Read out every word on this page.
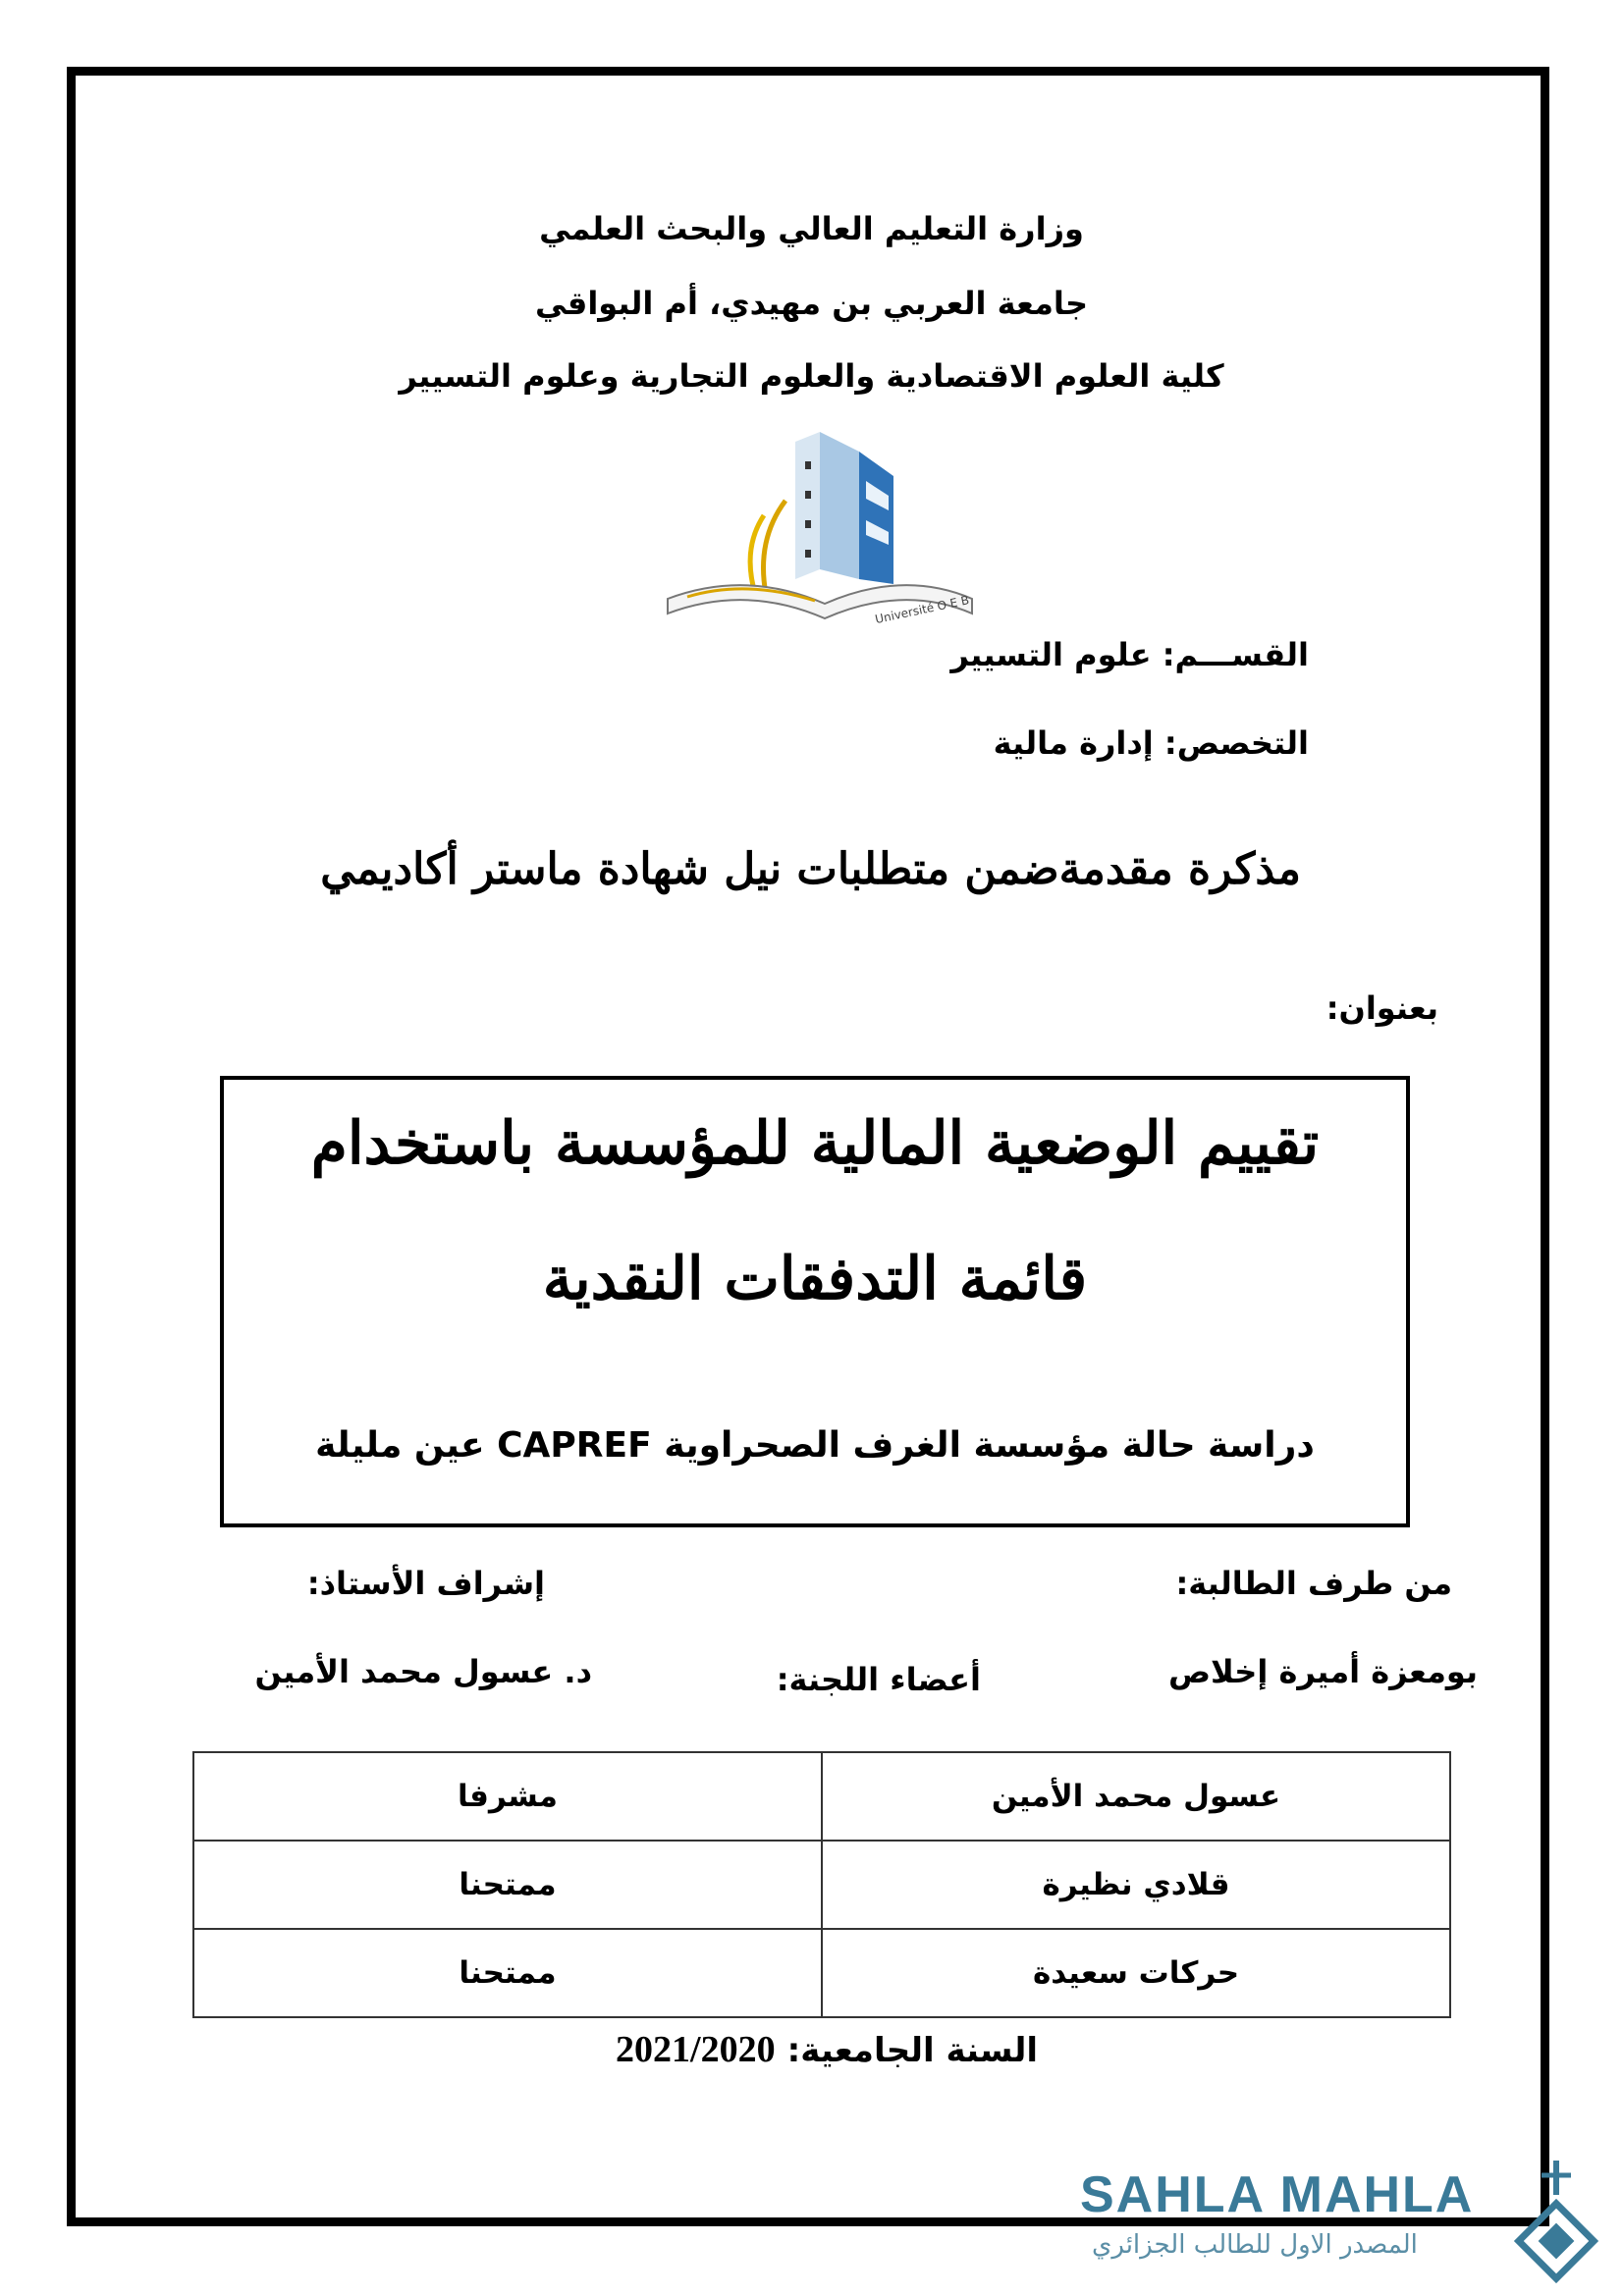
وزارة التعليم العالي والبحث العلمي
جامعة العربي بن مهيدي، أم البواقي
كلية العلوم الاقتصادية والعلوم التجارية وعلوم التسيير
Université O E B
القســـم: علوم التسيير
التخصص: إدارة مالية
مذكرة مقدمةضمن متطلبات نيل شهادة ماستر أكاديمي
بعنوان:
تقييم الوضعية المالية للمؤسسة باستخدام
قائمة التدفقات النقدية
دراسة حالة مؤسسة الغرف الصحراوية CAPREF عين مليلة
من طرف الطالبة:
إشراف الأستاذ:
بومعزة أميرة إخلاص
أعضاء اللجنة:
د. عسول محمد الأمين
عسول محمد الأمين	مشرفا
قلادي نظيرة	ممتحنا
حركات سعيدة	ممتحنا
السنة الجامعية:
2021/2020
SAHLA MAHLA
المصدر الاول للطالب الجزائري
